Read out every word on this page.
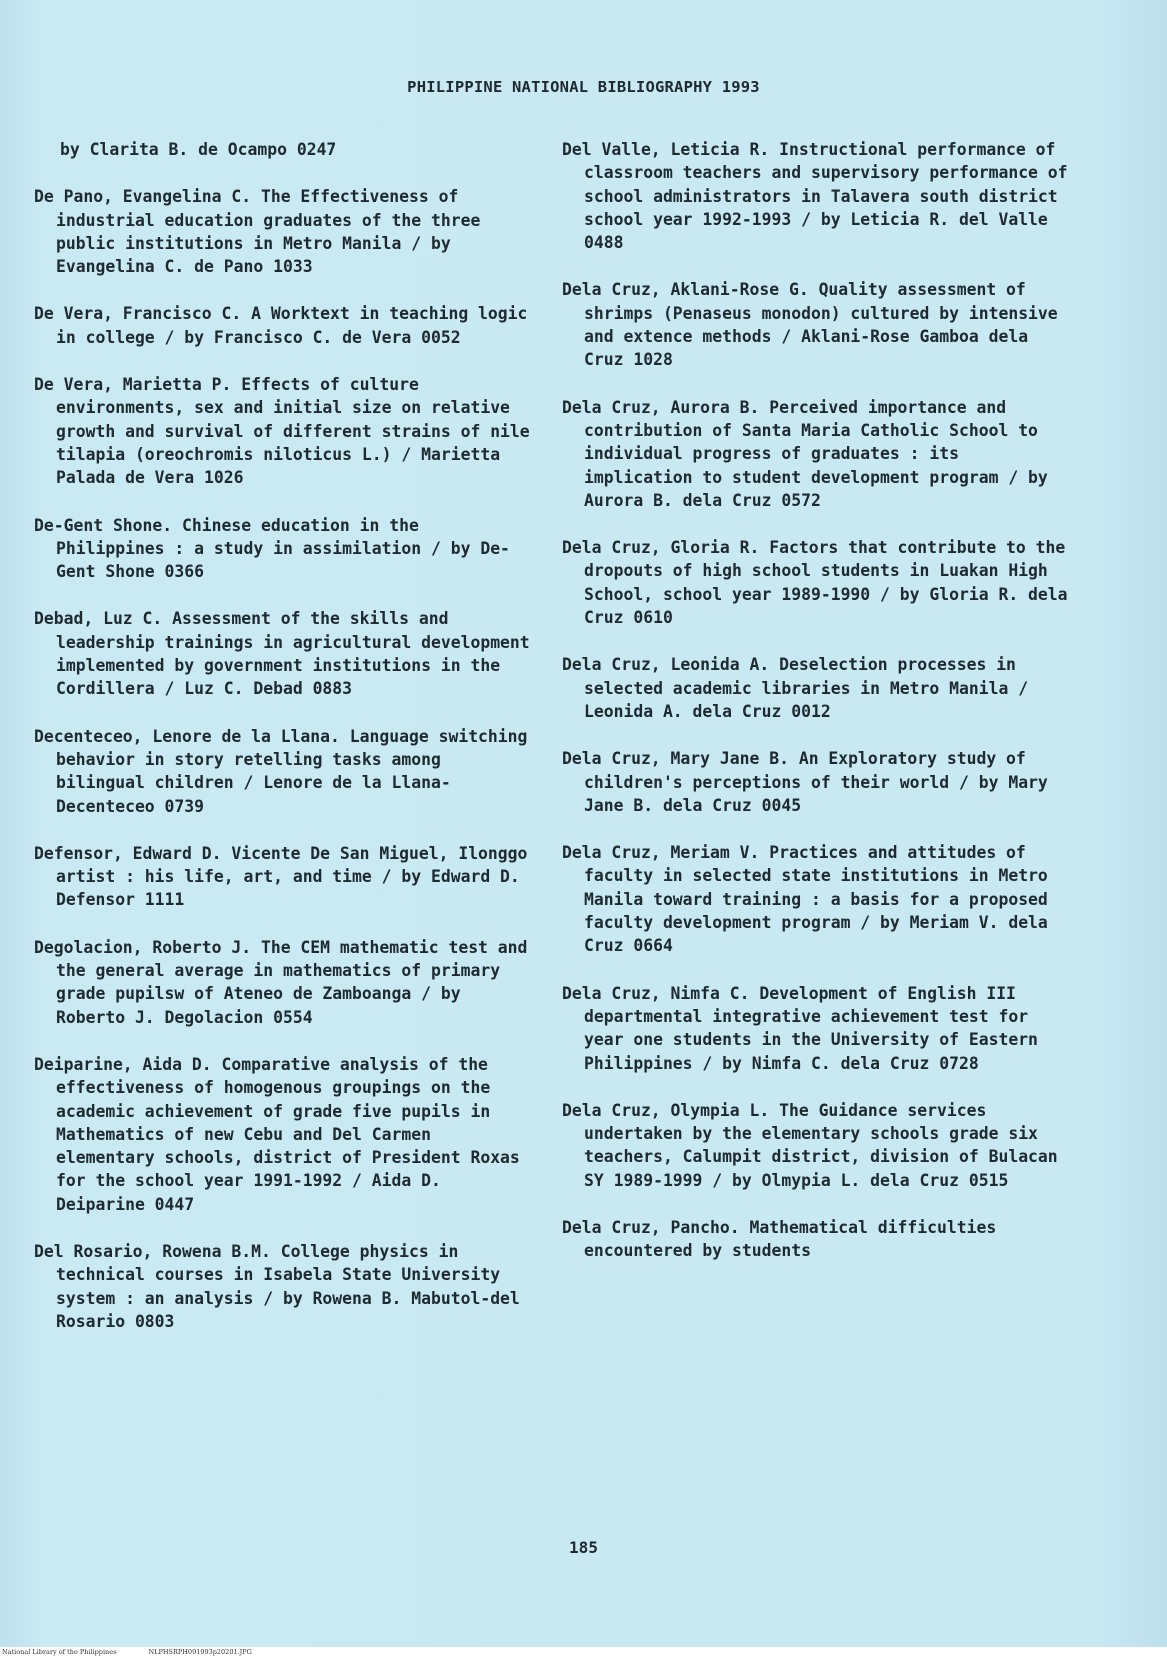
PHILIPPINE NATIONAL BIBLIOGRAPHY 1993
by Clarita B. de Ocampo 0247
De Pano, Evangelina C. The Effectiveness of industrial education graduates of the three public institutions in Metro Manila / by Evangelina C. de Pano 1033
De Vera, Francisco C. A Worktext in teaching logic in college / by Francisco C. de Vera 0052
De Vera, Marietta P. Effects of culture environments, sex and initial size on relative growth and survival of different strains of nile tilapia (oreochromis niloticus L.) / Marietta Palada de Vera 1026
De-Gent Shone. Chinese education in the Philippines : a study in assimilation / by De-Gent Shone 0366
Debad, Luz C. Assessment of the skills and leadership trainings in agricultural development implemented by government institutions in the Cordillera / Luz C. Debad 0883
Decenteceo, Lenore de la Llana. Language switching behavior in story retelling tasks among bilingual children / Lenore de la Llana-Decenteceo 0739
Defensor, Edward D. Vicente De San Miguel, Ilonggo artist : his life, art, and time / by Edward D. Defensor 1111
Degolacion, Roberto J. The CEM mathematic test and the general average in mathematics of primary grade pupilsw of Ateneo de Zamboanga / by Roberto J. Degolacion 0554
Deiparine, Aida D. Comparative analysis of the effectiveness of homogenous groupings on the academic achievement of grade five pupils in Mathematics of new Cebu and Del Carmen elementary schools, district of President Roxas for the school year 1991-1992 / Aida D. Deiparine 0447
Del Rosario, Rowena B.M. College physics in technical courses in Isabela State University system : an analysis / by Rowena B. Mabutol-del Rosario 0803
Del Valle, Leticia R. Instructional performance of classroom teachers and supervisory performance of school administrators in Talavera south district school year 1992-1993 / by Leticia R. del Valle 0488
Dela Cruz, Aklani-Rose G. Quality assessment of shrimps (Penaseus monodon) cultured by intensive and extence methods / Aklani-Rose Gamboa dela Cruz 1028
Dela Cruz, Aurora B. Perceived importance and contribution of Santa Maria Catholic School to individual progress of graduates : its implication to student development program / by Aurora B. dela Cruz 0572
Dela Cruz, Gloria R. Factors that contribute to the dropouts of high school students in Luakan High School, school year 1989-1990 / by Gloria R. dela Cruz 0610
Dela Cruz, Leonida A. Deselection processes in selected academic libraries in Metro Manila / Leonida A. dela Cruz 0012
Dela Cruz, Mary Jane B. An Exploratory study of children's perceptions of their world / by Mary Jane B. dela Cruz 0045
Dela Cruz, Meriam V. Practices and attitudes of faculty in selected state institutions in Metro Manila toward training : a basis for a proposed faculty development program / by Meriam V. dela Cruz 0664
Dela Cruz, Nimfa C. Development of English III departmental integrative achievement test for year one students in the University of Eastern Philippines / by Nimfa C. dela Cruz 0728
Dela Cruz, Olympia L. The Guidance services undertaken by the elementary schools grade six teachers, Calumpit district, division of Bulacan SY 1989-1999 / by Olmypia L. dela Cruz 0515
Dela Cruz, Pancho. Mathematical difficulties encountered by students
185
National Library of the Philippines	NLPHSRPH091993p20201.JPG
